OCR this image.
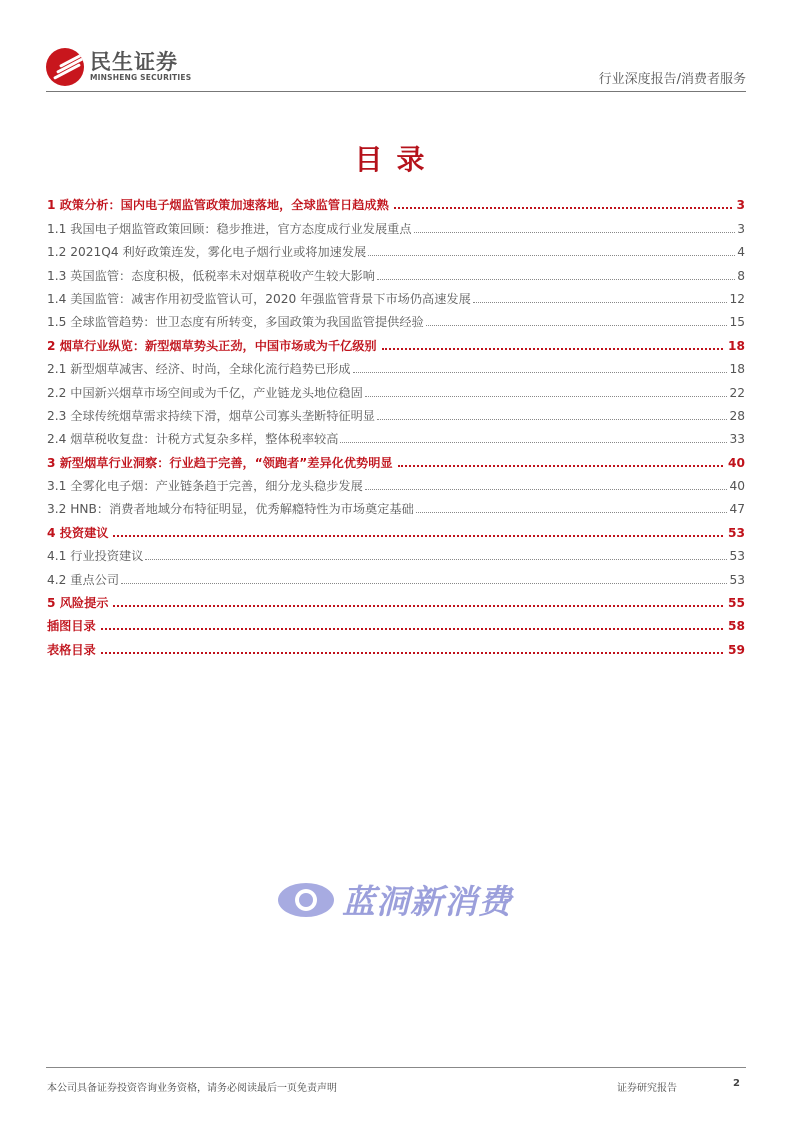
民生证券
MINSHENG SECURITIES	行业深度报告/消费者服务
目录
1 政策分析：国内电子烟监管政策加速落地，全球监管日趋成熟	3
1.1 我国电子烟监管政策回顾：稳步推进，官方态度成行业发展重点	3
1.2 2021Q4 利好政策连发，雾化电子烟行业或将加速发展	4
1.3 英国监管：态度积极，低税率未对烟草税收产生较大影响	8
1.4 美国监管：减害作用初受监管认可，2020 年强监管背景下市场仍高速发展	12
1.5 全球监管趋势：世卫态度有所转变，多国政策为我国监管提供经验	15
2 烟草行业纵览：新型烟草势头正劲，中国市场或为千亿级别	18
2.1 新型烟草减害、经济、时尚，全球化流行趋势已形成	18
2.2 中国新兴烟草市场空间或为千亿，产业链龙头地位稳固	22
2.3 全球传统烟草需求持续下滑，烟草公司寡头垄断特征明显	28
2.4 烟草税收复盘：计税方式复杂多样，整体税率较高	33
3 新型烟草行业洞察：行业趋于完善，“领跑者”差异化优势明显	40
3.1 全雾化电子烟：产业链条趋于完善，细分龙头稳步发展	40
3.2 HNB：消费者地域分布特征明显，优秀解瘾特性为市场奠定基础	47
4 投资建议	53
4.1 行业投资建议	53
4.2 重点公司	53
5 风险提示	55
插图目录	58
表格目录	59
蓝洞新消费
本公司具备证券投资咨询业务资格，请务必阅读最后一页免责声明	证券研究报告	2
